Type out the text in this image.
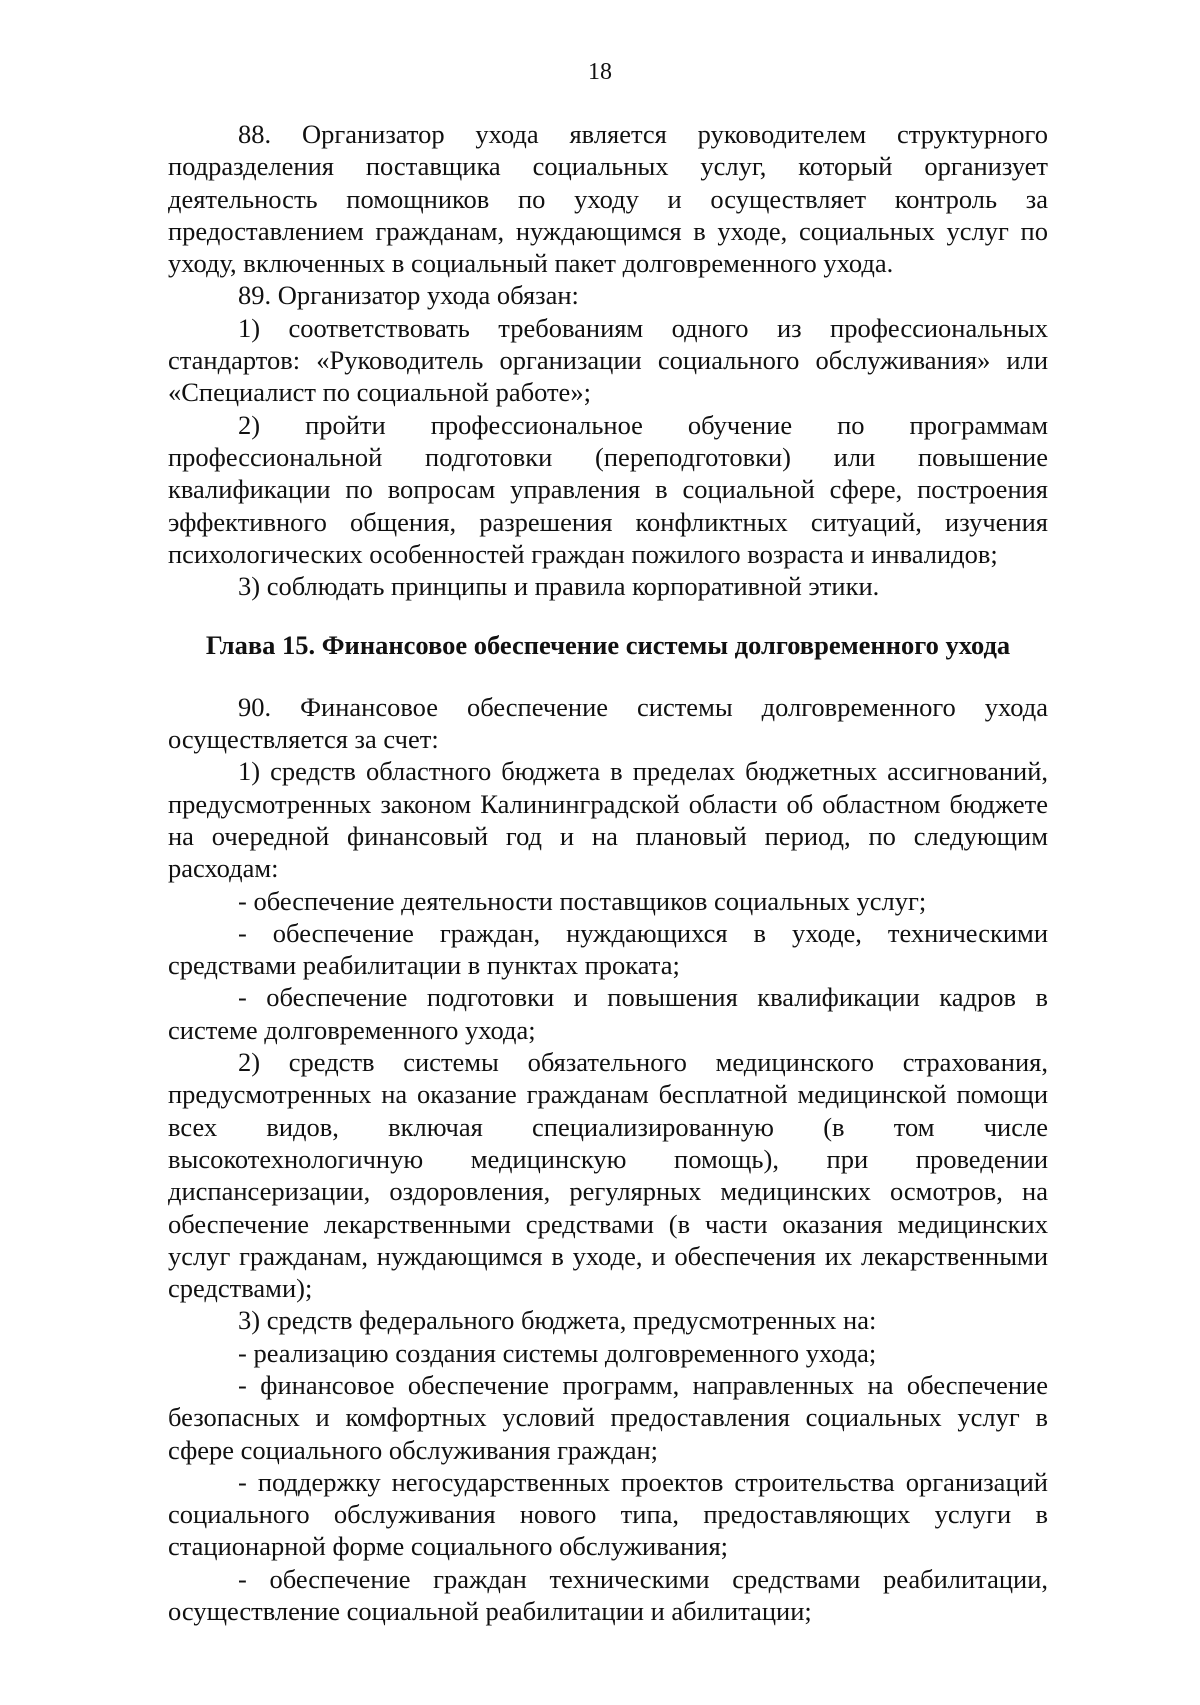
18

88. Организатор ухода является руководителем структурного подразделения поставщика социальных услуг, который организует деятельность помощников по уходу и осуществляет контроль за предоставлением гражданам, нуждающимся в уходе, социальных услуг по уходу, включенных в социальный пакет долговременного ухода.

89. Организатор ухода обязан:

1) соответствовать требованиям одного из профессиональных стандартов: «Руководитель организации социального обслуживания» или «Специалист по социальной работе»;

2) пройти профессиональное обучение по программам профессиональной подготовки (переподготовки) или повышение квалификации по вопросам управления в социальной сфере, построения эффективного общения, разрешения конфликтных ситуаций, изучения психологических особенностей граждан пожилого возраста и инвалидов;

3) соблюдать принципы и правила корпоративной этики.

Глава 15. Финансовое обеспечение системы долговременного ухода

90. Финансовое обеспечение системы долговременного ухода осуществляется за счет:

1) средств областного бюджета в пределах бюджетных ассигнований, предусмотренных законом Калининградской области об областном бюджете на очередной финансовый год и на плановый период, по следующим расходам:

- обеспечение деятельности поставщиков социальных услуг;

- обеспечение граждан, нуждающихся в уходе, техническими средствами реабилитации в пунктах проката;

- обеспечение подготовки и повышения квалификации кадров в системе долговременного ухода;

2) средств системы обязательного медицинского страхования, предусмотренных на оказание гражданам бесплатной медицинской помощи всех видов, включая специализированную (в том числе высокотехнологичную медицинскую помощь), при проведении диспансеризации, оздоровления, регулярных медицинских осмотров, на обеспечение лекарственными средствами (в части оказания медицинских услуг гражданам, нуждающимся в уходе, и обеспечения их лекарственными средствами);

3) средств федерального бюджета, предусмотренных на:

- реализацию создания системы долговременного ухода;

- финансовое обеспечение программ, направленных на обеспечение безопасных и комфортных условий предоставления социальных услуг в сфере социального обслуживания граждан;

- поддержку негосударственных проектов строительства организаций социального обслуживания нового типа, предоставляющих услуги в стационарной форме социального обслуживания;

- обеспечение граждан техническими средствами реабилитации, осуществление социальной реабилитации и абилитации;
